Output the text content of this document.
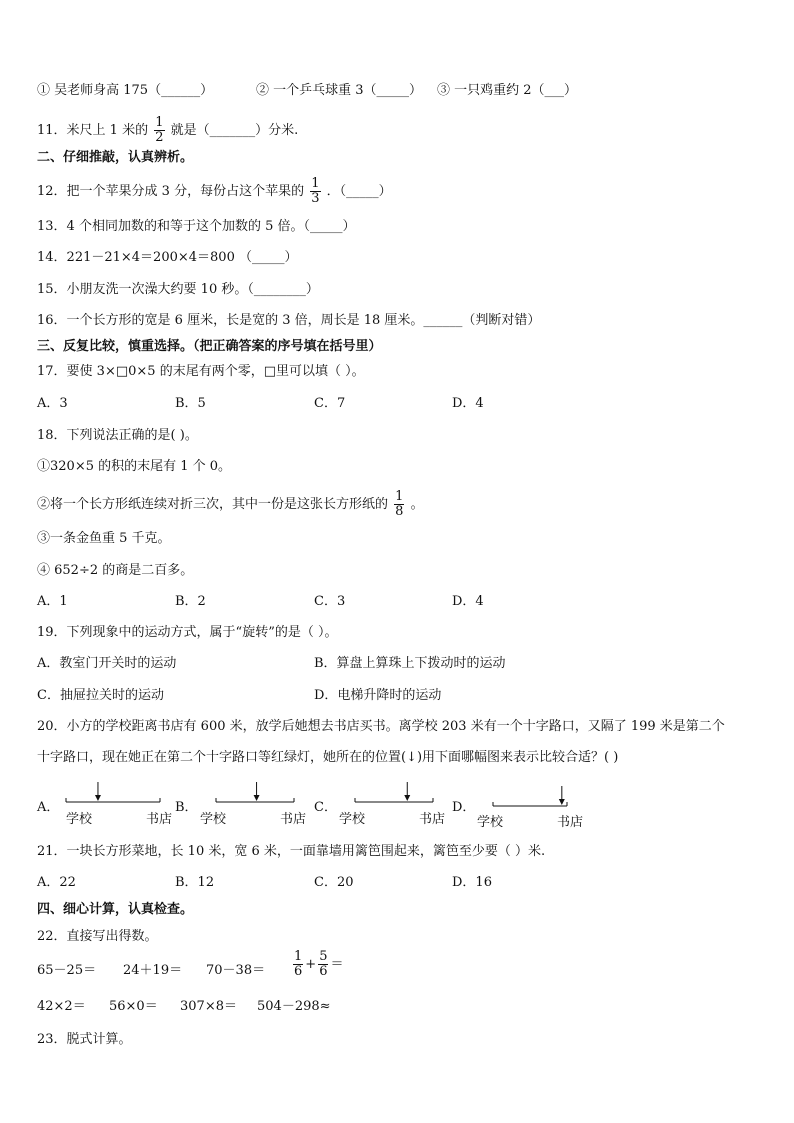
① 吴老师身高 175（______）	② 一个乒乓球重 3（_____） ③ 一只鸡重约 2（___）
11．米尺上 1 米的 $\frac{1}{2}$ 就是（_______）分米.
二、仔细推敲，认真辨析。
12．把一个苹果分成 3 分，每份占这个苹果的 $\frac{1}{3}$ ．（_____）
13．4 个相同加数的和等于这个加数的 5 倍。（_____）
14．221－21×4＝200×4＝800 （_____）
15．小朋友洗一次澡大约要 10 秒。（________）
16．一个长方形的宽是 6 厘米，长是宽的 3 倍，周长是 18 厘米。______（判断对错）
三、反复比较，慎重选择。（把正确答案的序号填在括号里）
17．要使 3×□0×5 的末尾有两个零，□里可以填（ ）。
A．3	B．5	C．7	D．4
18．下列说法正确的是( )。
①320×5 的积的末尾有 1 个 0。
②将一个长方形纸连续对折三次，其中一份是这张长方形纸的 $\frac{1}{8}$ 。
③一条金鱼重 5 千克。
④ 652÷2 的商是二百多。
A．1	B．2	C．3	D．4
19．下列现象中的运动方式，属于“旋转”的是（ ）。
A．教室门开关时的运动	B．算盘上算珠上下拨动时的运动
C．抽屉拉关时的运动	D．电梯升降时的运动
20．小方的学校距离书店有 600 米，放学后她想去书店买书。离学校 203 米有一个十字路口，又隔了 199 米是第二个
十字路口，现在她正在第二个十字路口等红绿灯，她所在的位置(↓)用下面哪幅图来表示比较合适？( )
A．
学校	书店
B．
学校	书店
C．
学校	书店
D．
学校	书店
21．一块长方形菜地，长 10 米，宽 6 米，一面靠墙用篱笆围起来，篱笆至少要（ ）米.
A．22	B．12	C．20	D．16
四、细心计算，认真检查。
22．直接写出得数。
$65-25= 24+19= 70-38= \frac{1}{6} + \frac{5}{6}$ ＝
42×2＝ 56×0＝ 307×8＝ 504－298≈
23．脱式计算。
